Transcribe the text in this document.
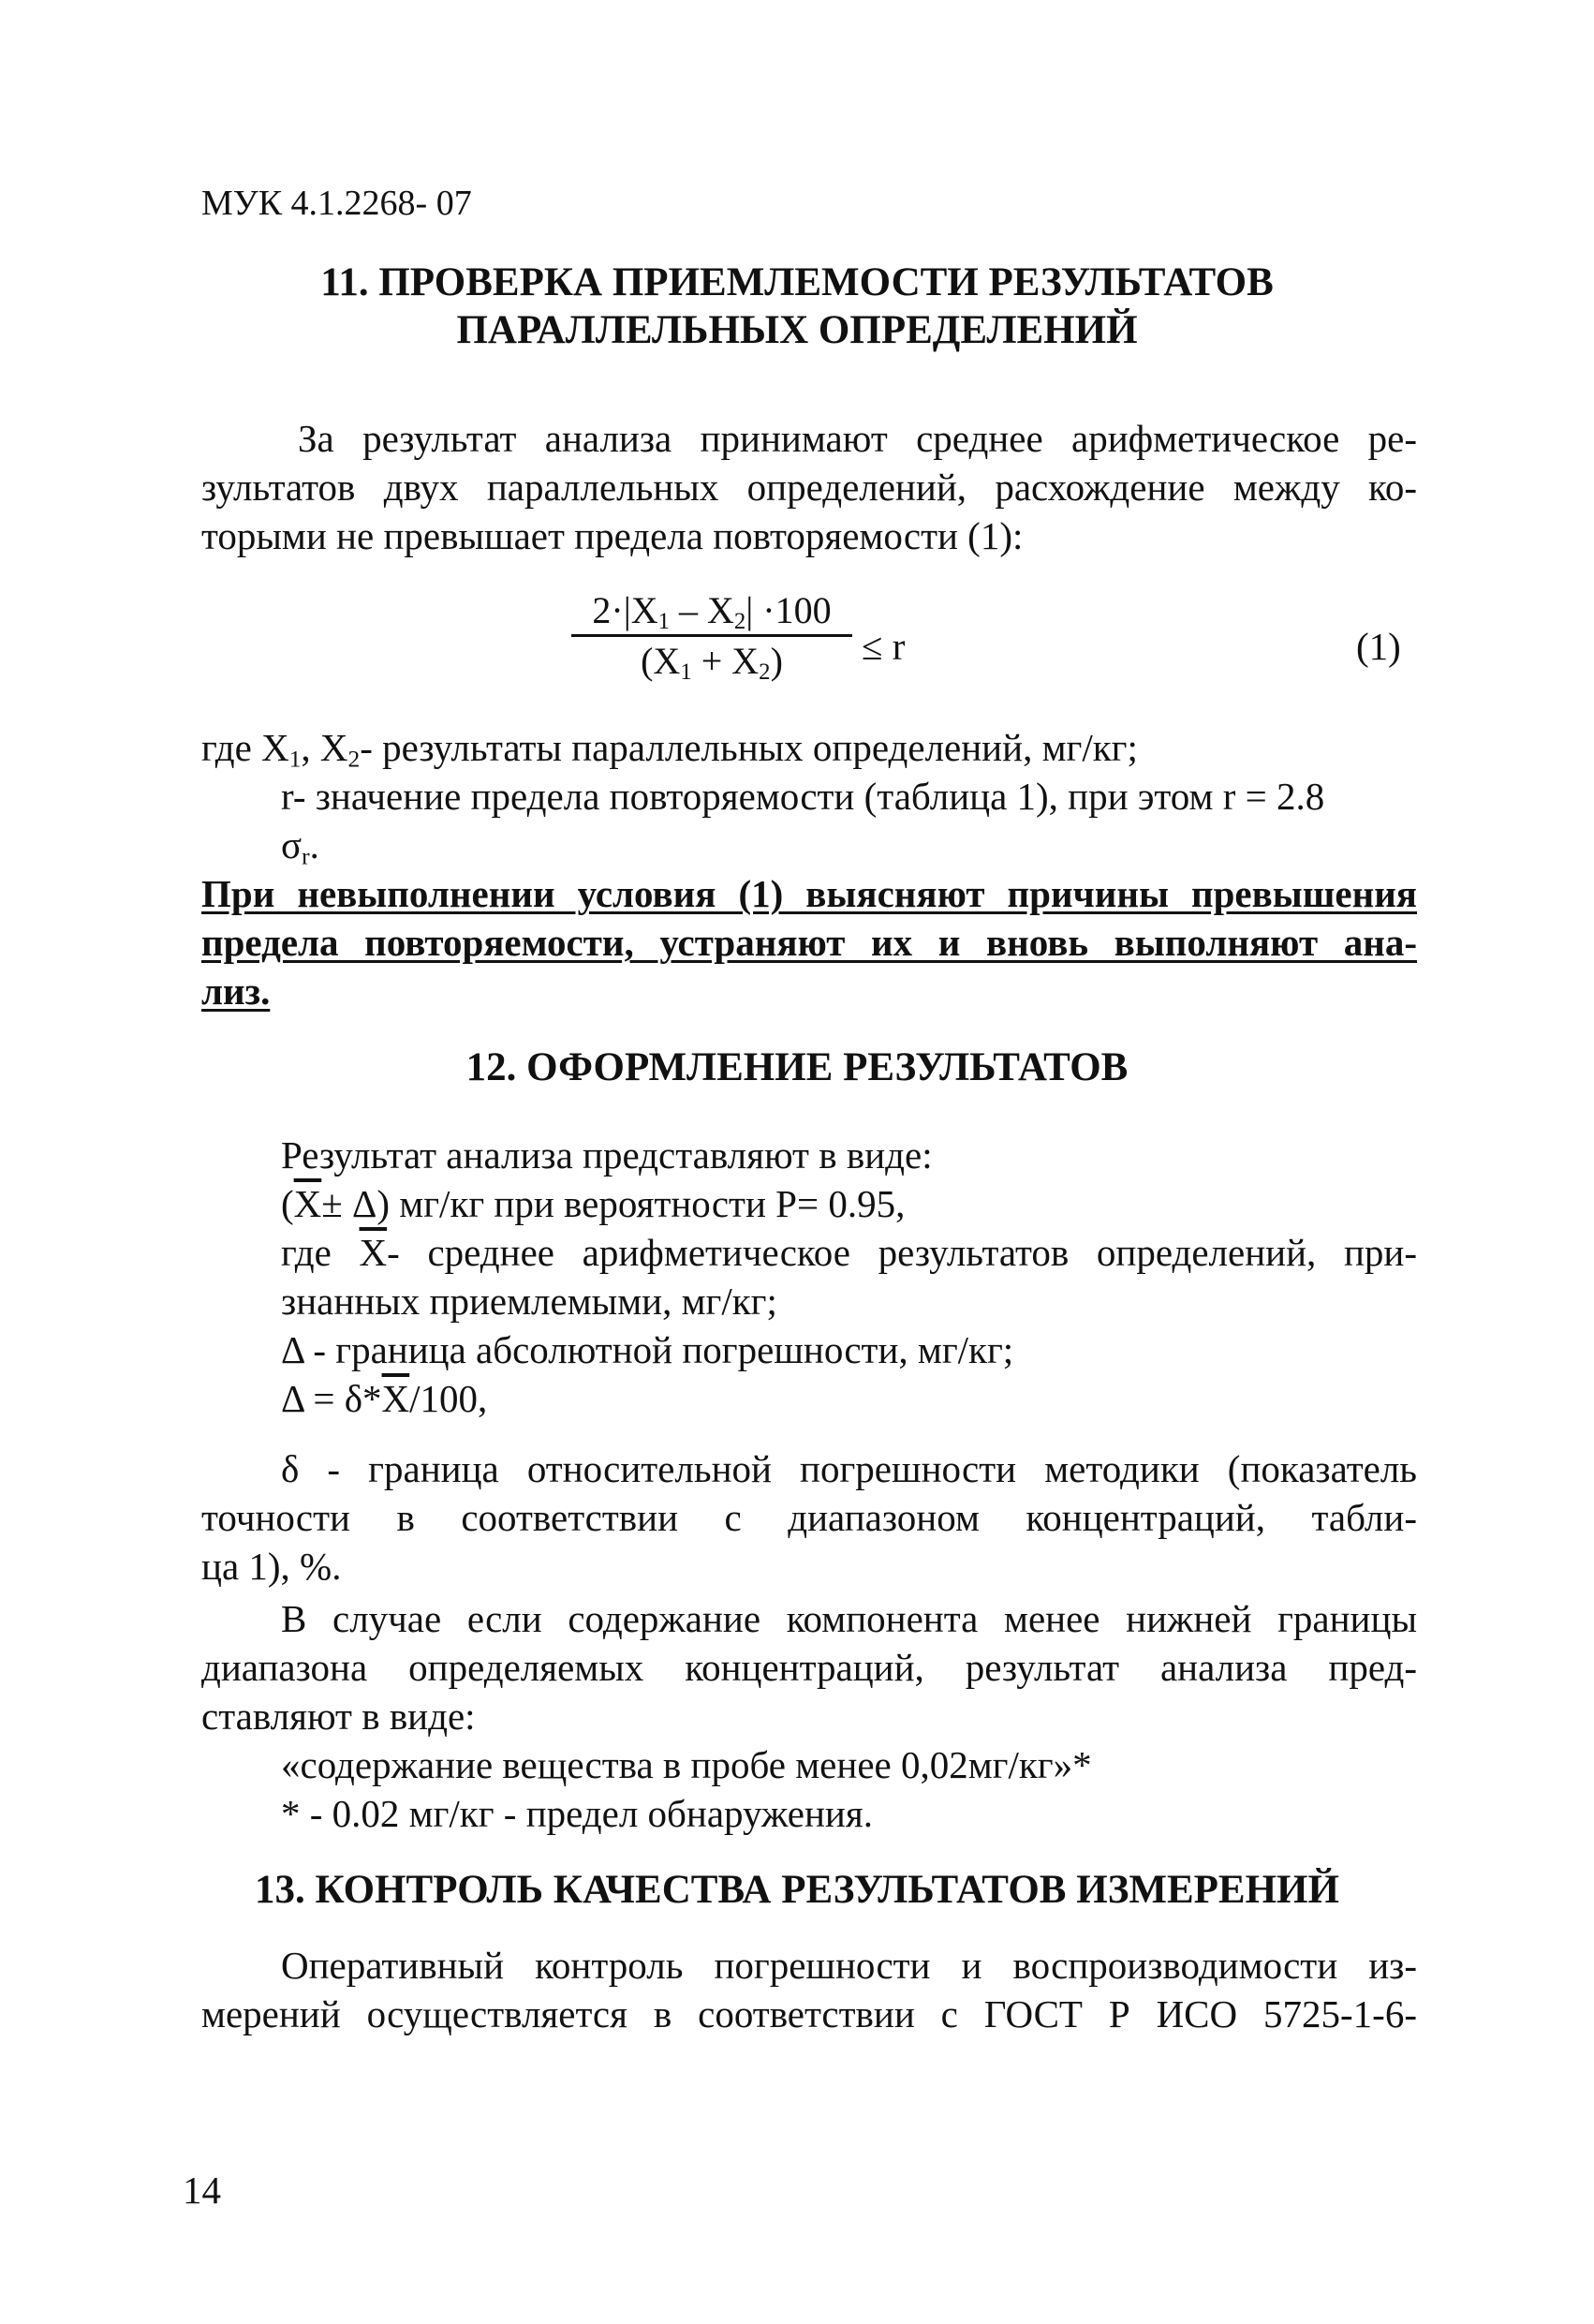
МУК 4.1.2268- 07
11. ПРОВЕРКА ПРИЕМЛЕМОСТИ РЕЗУЛЬТАТОВ
ПАРАЛЛЕЛЬНЫХ ОПРЕДЕЛЕНИЙ
За результат анализа принимают среднее арифметическое ре-
зультатов двух параллельных определений, расхождение между ко-
торыми не превышает предела повторяемости (1):
$\frac{2\cdot|X_1 - X_2| \cdot 100}{(X_1 + X_2)} \le r$	(1)
где $X_1$, $X_2-$ результаты параллельных определений, мг/кг;
r- значение предела повторяемости (таблица 1), при этом r = 2.8
$\sigma_r$.
При невыполнении условия (1) выясняют причины превышения
предела повторяемости, устраняют их и вновь выполняют ана-
лиз.
12. ОФОРМЛЕНИЕ РЕЗУЛЬТАТОВ
Результат анализа представляют в виде:
$(\overline{X}\pm \Delta)$ мг/кг при вероятности Р= 0.95,
где $\overline{X}-$ среднее арифметическое результатов определений, при-
знанных приемлемыми, мг/кг;
Δ - граница абсолютной погрешности, мг/кг;
$\Delta = \delta*\overline{X}/100$,
δ - граница относительной погрешности методики (показатель
точности в соответствии с диапазоном концентраций, табли-
ца 1), %.
В случае если содержание компонента менее нижней границы
диапазона определяемых концентраций, результат анализа пред-
ставляют в виде:
«содержание вещества в пробе менее 0,02мг/кг»*
* - 0.02 мг/кг - предел обнаружения.
13. КОНТРОЛЬ КАЧЕСТВА РЕЗУЛЬТАТОВ ИЗМЕРЕНИЙ
Оперативный контроль погрешности и воспроизводимости из-
мерений осуществляется в соответствии с ГОСТ Р ИСО 5725-1-6-
14
